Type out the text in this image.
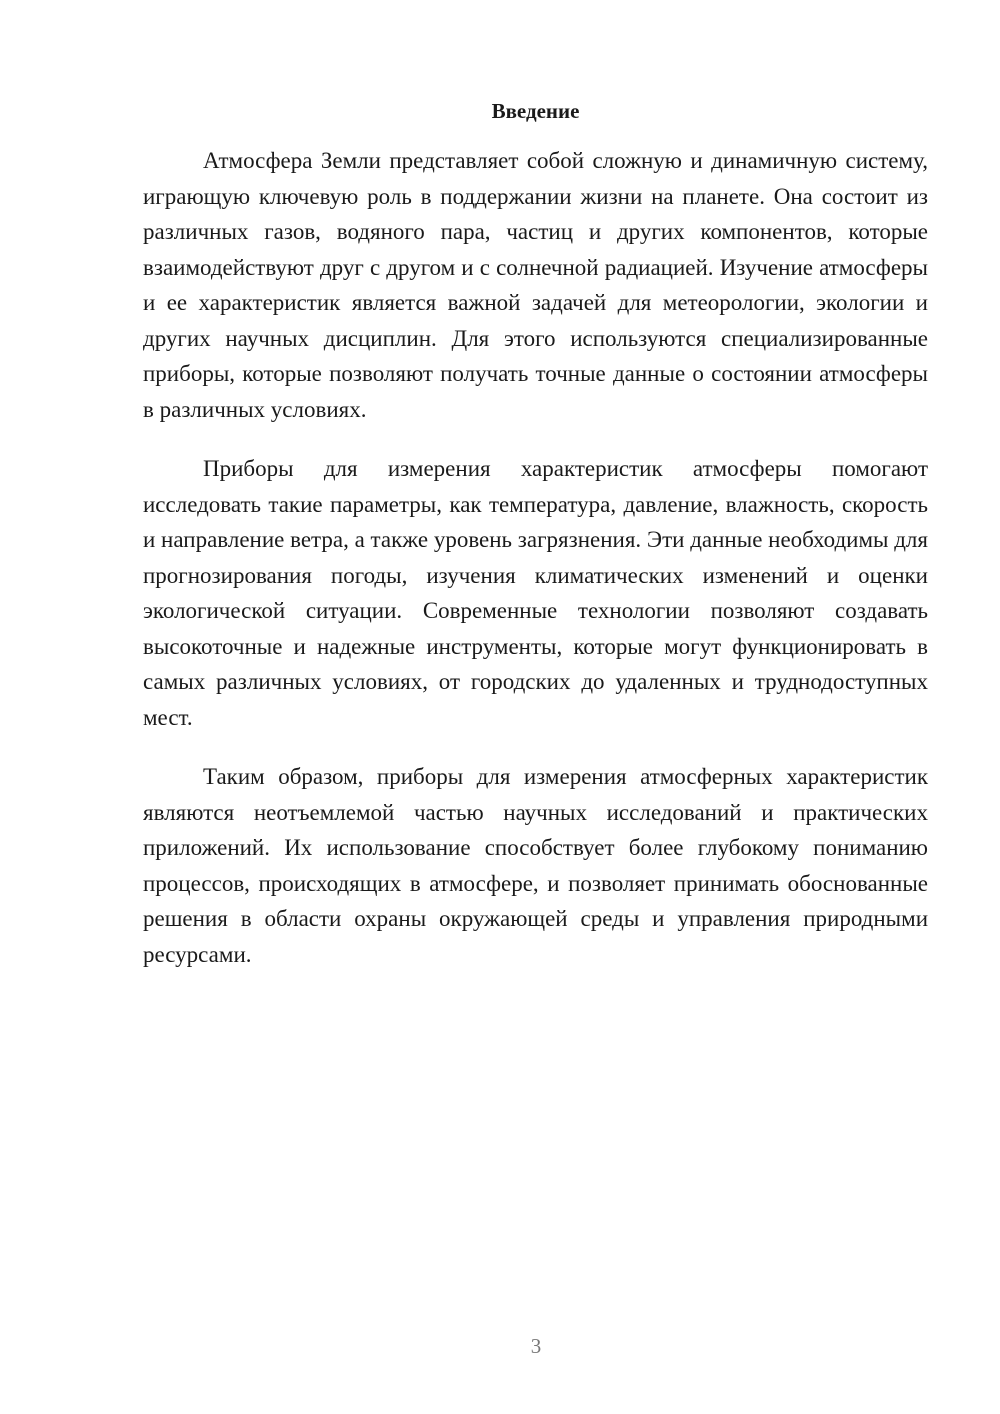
Введение

Атмосфера Земли представляет собой сложную и динамичную систему, играющую ключевую роль в поддержании жизни на планете. Она состоит из различных газов, водяного пара, частиц и других компонентов, которые взаимодействуют друг с другом и с солнечной радиацией. Изучение атмосферы и ее характеристик является важной задачей для метеорологии, экологии и других научных дисциплин. Для этого используются специализированные приборы, которые позволяют получать точные данные о состоянии атмосферы в различных условиях.

Приборы для измерения характеристик атмосферы помогают исследовать такие параметры, как температура, давление, влажность, скорость и направление ветра, а также уровень загрязнения. Эти данные необходимы для прогнозирования погоды, изучения климатических изменений и оценки экологической ситуации. Современные технологии позволяют создавать высокоточные и надежные инструменты, которые могут функционировать в самых различных условиях, от городских до удаленных и труднодоступных мест.

Таким образом, приборы для измерения атмосферных характеристик являются неотъемлемой частью научных исследований и практических приложений. Их использование способствует более глубокому пониманию процессов, происходящих в атмосфере, и позволяет принимать обоснованные решения в области охраны окружающей среды и управления природными ресурсами.

3
